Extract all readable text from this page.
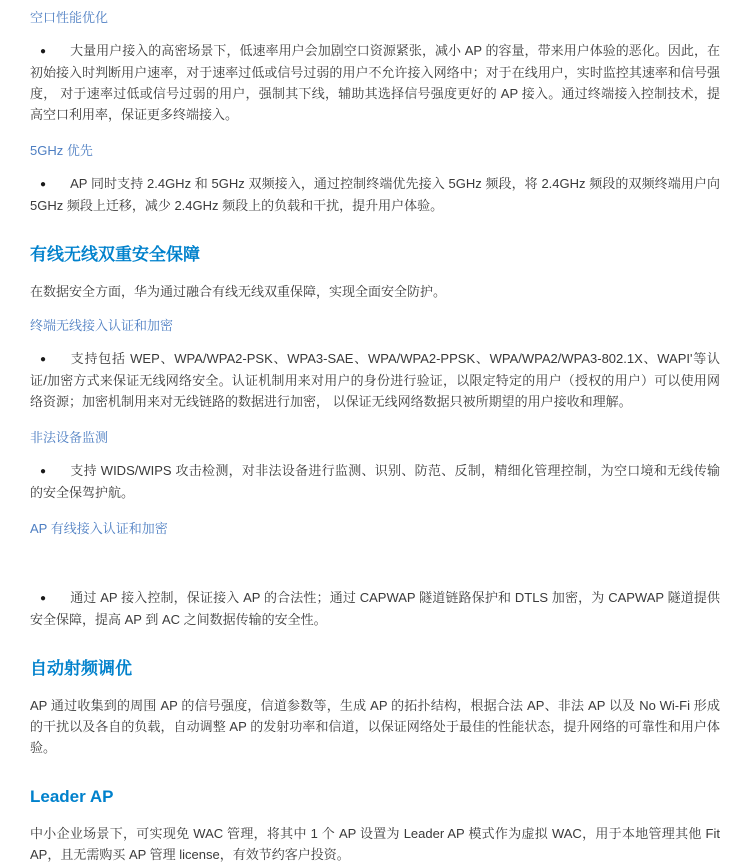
空口性能优化

● 大量用户接入的高密场景下，低速率用户会加剧空口资源紧张，减小 AP 的容量，带来用户体验的恶化。因此，在初始接入时判断用户速率，对于速率过低或信号过弱的用户不允许接入网络中；对于在线用户，实时监控其速率和信号强度， 对于速率过低或信号过弱的用户，强制其下线，辅助其选择信号强度更好的 AP 接入。通过终端接入控制技术，提高空口利用率，保证更多终端接入。

5GHz 优先

● AP 同时支持 2.4GHz 和 5GHz 双频接入，通过控制终端优先接入 5GHz 频段，将 2.4GHz 频段的双频终端用户向 5GHz 频段上迁移，减少 2.4GHz 频段上的负载和干扰，提升用户体验。

有线无线双重安全保障

在数据安全方面，华为通过融合有线无线双重保障，实现全面安全防护。

终端无线接入认证和加密

● 支持包括 WEP、WPA/WPA2-PSK、WPA3-SAE、WPA/WPA2-PPSK、WPA/WPA2/WPA3-802.1X、WAPI'等认证/加密方式来保证无线网络安全。认证机制用来对用户的身份进行验证，以限定特定的用户（授权的用户）可以使用网络资源；加密机制用来对无线链路的数据进行加密， 以保证无线网络数据只被所期望的用户接收和理解。

非法设备监测

● 支持 WIDS/WIPS 攻击检测，对非法设备进行监测、识别、防范、反制，精细化管理控制，为空口境和无线传输的安全保驾护航。

AP 有线接入认证和加密

● 通过 AP 接入控制，保证接入 AP 的合法性；通过 CAPWAP 隧道链路保护和 DTLS 加密，为 CAPWAP 隧道提供安全保障，提高 AP 到 AC 之间数据传输的安全性。

自动射频调优

AP 通过收集到的周围 AP 的信号强度，信道参数等，生成 AP 的拓扑结构，根据合法 AP、非法 AP 以及 No Wi-Fi 形成的干扰以及各自的负载，自动调整 AP 的发射功率和信道，以保证网络处于最佳的性能状态，提升网络的可靠性和用户体验。

Leader AP

中小企业场景下，可实现免 WAC 管理，将其中 1 个 AP 设置为 Leader AP 模式作为虚拟 WAC，用于本地管理其他 Fit AP，且无需购买 AP 管理 license，有效节约客户投资。
